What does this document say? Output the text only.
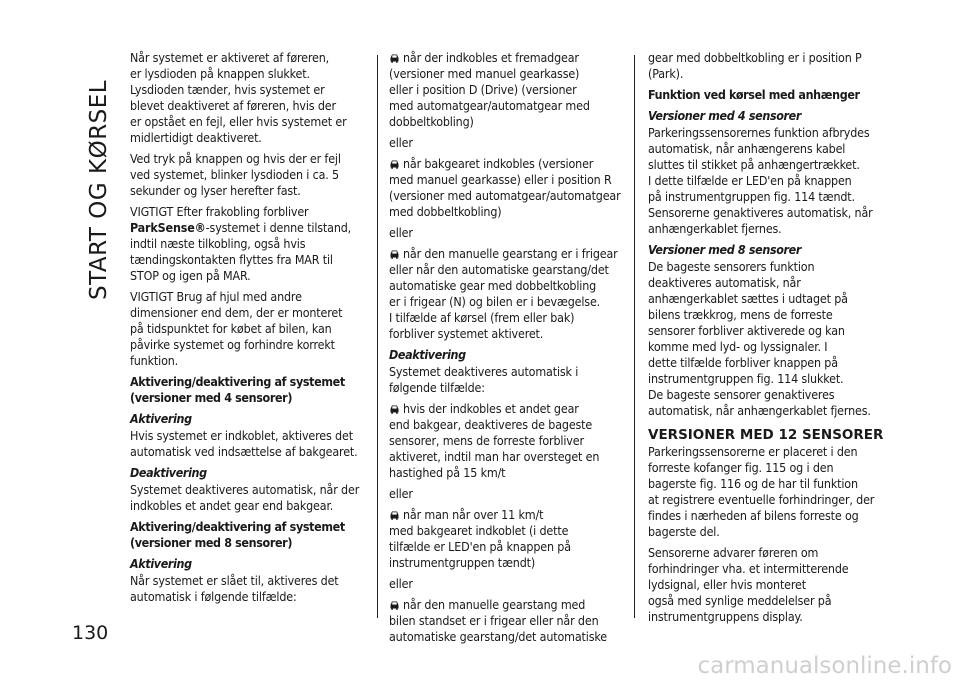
START OG KØRSEL

Når systemet er aktiveret af føreren,
er lysdioden på knappen slukket.
Lysdioden tænder, hvis systemet er
blevet deaktiveret af føreren, hvis der
er opstået en fejl, eller hvis systemet er
midlertidigt deaktiveret.

Ved tryk på knappen og hvis der er fejl
ved systemet, blinker lysdioden i ca. 5
sekunder og lyser herefter fast.

VIGTIGT Efter frakobling forbliver
ParkSense®-systemet i denne tilstand,
indtil næste tilkobling, også hvis
tændingskontakten flyttes fra MAR til
STOP og igen på MAR.

VIGTIGT Brug af hjul med andre
dimensioner end dem, der er monteret
på tidspunktet for købet af bilen, kan
påvirke systemet og forhindre korrekt
funktion.

Aktivering/deaktivering af systemet
(versioner med 4 sensorer)

Aktivering

Hvis systemet er indkoblet, aktiveres det
automatisk ved indsættelse af bakgearet.

Deaktivering

Systemet deaktiveres automatisk, når der
indkobles et andet gear end bakgear.

Aktivering/deaktivering af systemet
(versioner med 8 sensorer)

Aktivering

Når systemet er slået til, aktiveres det
automatisk i følgende tilfælde:

når der indkobles et fremadgear
(versioner med manuel gearkasse)
eller i position D (Drive) (versioner
med automatgear/automatgear med
dobbeltkobling)

eller

når bakgearet indkobles (versioner
med manuel gearkasse) eller i position R
(versioner med automatgear/automatgear
med dobbeltkobling)

eller

når den manuelle gearstang er i frigear
eller når den automatiske gearstang/det
automatiske gear med dobbeltkobling
er i frigear (N) og bilen er i bevægelse.
I tilfælde af kørsel (frem eller bak)
forbliver systemet aktiveret.

Deaktivering

Systemet deaktiveres automatisk i
følgende tilfælde:

hvis der indkobles et andet gear
end bakgear, deaktiveres de bageste
sensorer, mens de forreste forbliver
aktiveret, indtil man har oversteget en
hastighed på 15 km/t

eller

når man når over 11 km/t
med bakgearet indkoblet (i dette
tilfælde er LED'en på knappen på
instrumentgruppen tændt)

eller

når den manuelle gearstang med
bilen standset er i frigear eller når den
automatiske gearstang/det automatiske

gear med dobbeltkobling er i position P
(Park).

Funktion ved kørsel med anhænger

Versioner med 4 sensorer

Parkeringssensorernes funktion afbrydes
automatisk, når anhængerens kabel
sluttes til stikket på anhængertrækket.
I dette tilfælde er LED'en på knappen
på instrumentgruppen fig. 114 tændt.
Sensorerne genaktiveres automatisk, når
anhængerkablet fjernes.

Versioner med 8 sensorer

De bageste sensorers funktion
deaktiveres automatisk, når
anhængerkablet sættes i udtaget på
bilens trækkrog, mens de forreste
sensorer forbliver aktiverede og kan
komme med lyd- og lyssignaler. I
dette tilfælde forbliver knappen på
instrumentgruppen fig. 114 slukket.
De bageste sensorer genaktiveres
automatisk, når anhængerkablet fjernes.

VERSIONER MED 12 SENSORER

Parkeringssensorerne er placeret i den
forreste kofanger fig. 115 og i den
bagerste fig. 116 og de har til funktion
at registrere eventuelle forhindringer, der
findes i nærheden af bilens forreste og
bagerste del.

Sensorerne advarer føreren om
forhindringer vha. et intermitterende
lydsignal, eller hvis monteret
også med synlige meddelelser på
instrumentgruppens display.

130
carmanualsonline.info
